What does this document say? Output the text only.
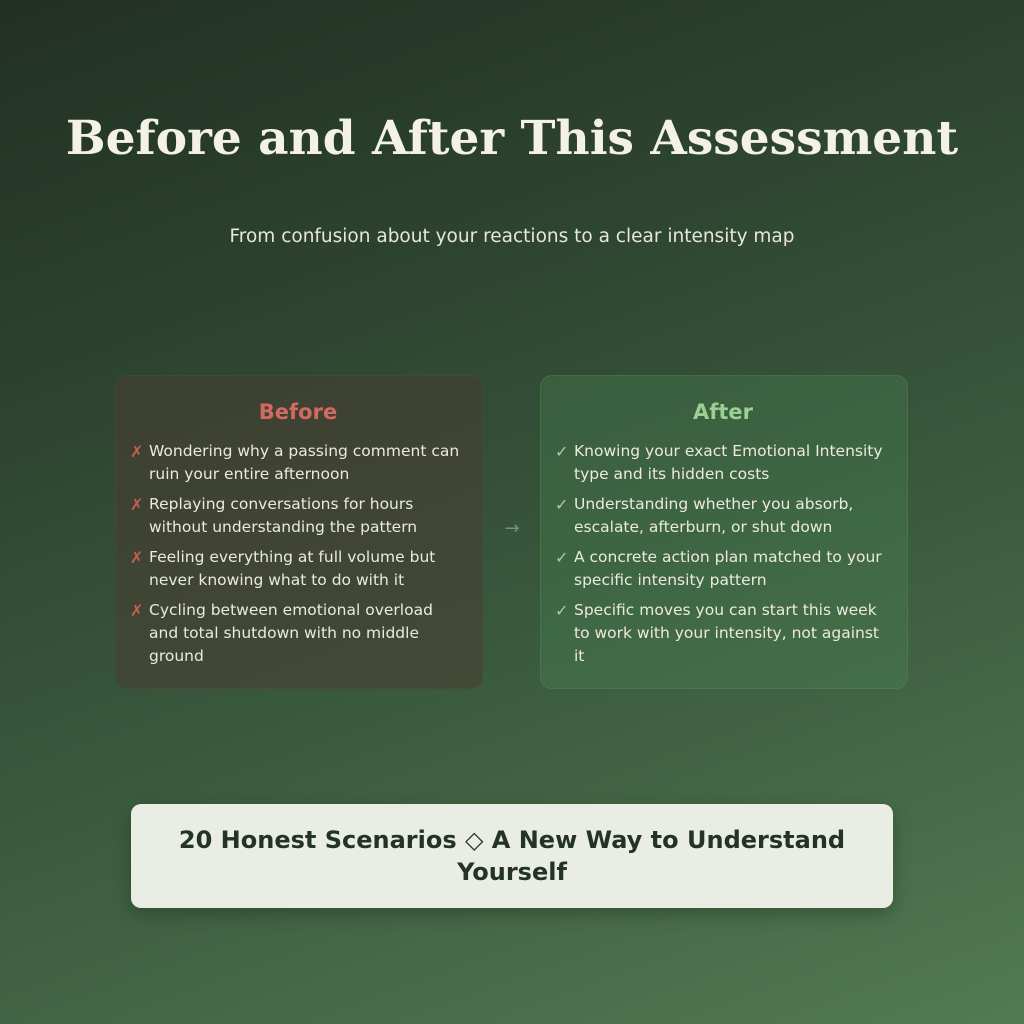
Before and After This Assessment

From confusion about your reactions to a clear intensity map

Before
✗ Wondering why a passing comment can ruin your entire afternoon
✗ Replaying conversations for hours without understanding the pattern
✗ Feeling everything at full volume but never knowing what to do with it
✗ Cycling between emotional overload and total shutdown with no middle ground
→
After
✓ Knowing your exact Emotional Intensity type and its hidden costs
✓ Understanding whether you absorb, escalate, afterburn, or shut down
✓ A concrete action plan matched to your specific intensity pattern
✓ Specific moves you can start this week to work with your intensity, not against it
20 Honest Scenarios ◇ A New Way to Understand Yourself
